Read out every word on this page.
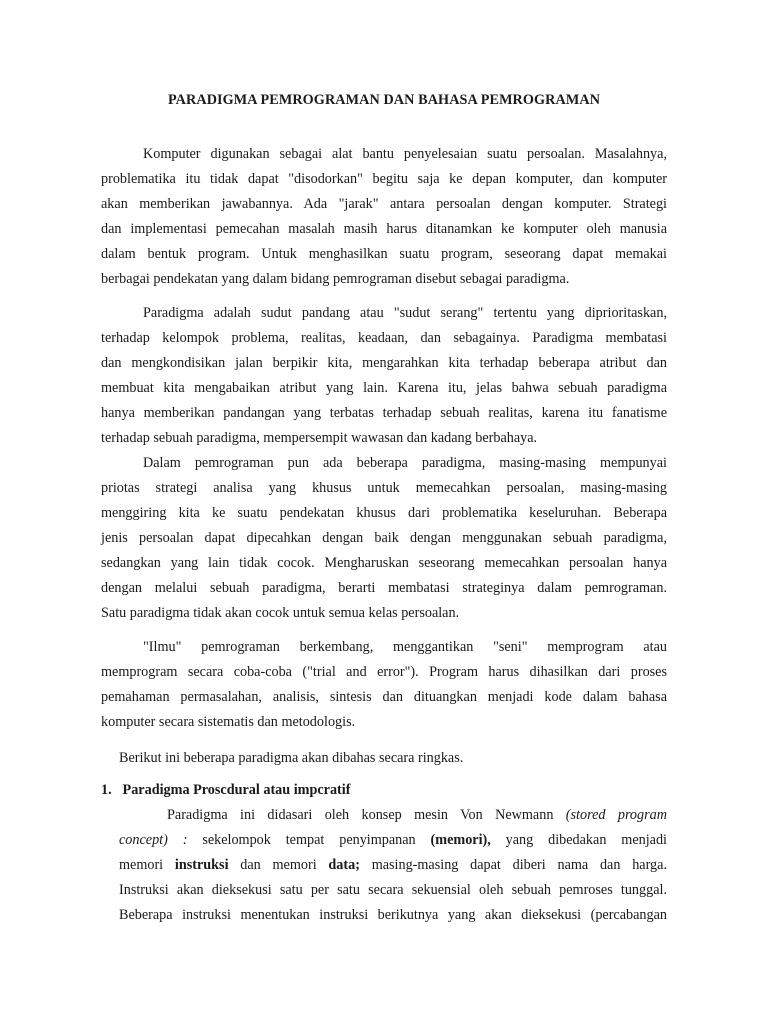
PARADIGMA PEMROGRAMAN DAN BAHASA PEMROGRAMAN
Komputer digunakan sebagai alat bantu penyelesaian suatu persoalan. Masalahnya,
problematika itu tidak dapat "disodorkan" begitu saja ke depan komputer, dan komputer
akan memberikan jawabannya. Ada "jarak" antara persoalan dengan komputer. Strategi
dan implementasi pemecahan masalah masih harus ditanamkan ke komputer oleh manusia
dalam bentuk program. Untuk menghasilkan suatu program, seseorang dapat memakai
berbagai pendekatan yang dalam bidang pemrograman disebut sebagai paradigma.
Paradigma adalah sudut pandang atau "sudut serang" tertentu yang diprioritaskan,
terhadap kelompok problema, realitas, keadaan, dan sebagainya. Paradigma membatasi
dan mengkondisikan jalan berpikir kita, mengarahkan kita terhadap beberapa atribut dan
membuat kita mengabaikan atribut yang lain. Karena itu, jelas bahwa sebuah paradigma
hanya memberikan pandangan yang terbatas terhadap sebuah realitas, karena itu fanatisme
terhadap sebuah paradigma, mempersempit wawasan dan kadang berbahaya.
Dalam pemrograman pun ada beberapa paradigma, masing-masing mempunyai
priotas strategi analisa yang khusus untuk memecahkan persoalan, masing-masing
menggiring kita ke suatu pendekatan khusus dari problematika keseluruhan. Beberapa
jenis persoalan dapat dipecahkan dengan baik dengan menggunakan sebuah paradigma,
sedangkan yang lain tidak cocok. Mengharuskan seseorang memecahkan persoalan hanya
dengan melalui sebuah paradigma, berarti membatasi strateginya dalam pemrograman.
Satu paradigma tidak akan cocok untuk semua kelas persoalan.
"Ilmu" pemrograman berkembang, menggantikan "seni" memprogram atau
memprogram secara coba-coba ("trial and error"). Program harus dihasilkan dari proses
pemahaman permasalahan, analisis, sintesis dan dituangkan menjadi kode dalam bahasa
komputer secara sistematis dan metodologis.
Berikut ini beberapa paradigma akan dibahas secara ringkas.
1. Paradigma Proscdural atau impcratif
Paradigma ini didasari oleh konsep mesin Von Newmann (stored program
concept) : sekelompok tempat penyimpanan (memori), yang dibedakan menjadi
memori instruksi dan memori data; masing-masing dapat diberi nama dan harga.
Instruksi akan dieksekusi satu per satu secara sekuensial oleh sebuah pemroses tunggal.
Beberapa instruksi menentukan instruksi berikutnya yang akan dieksekusi (percabangan
